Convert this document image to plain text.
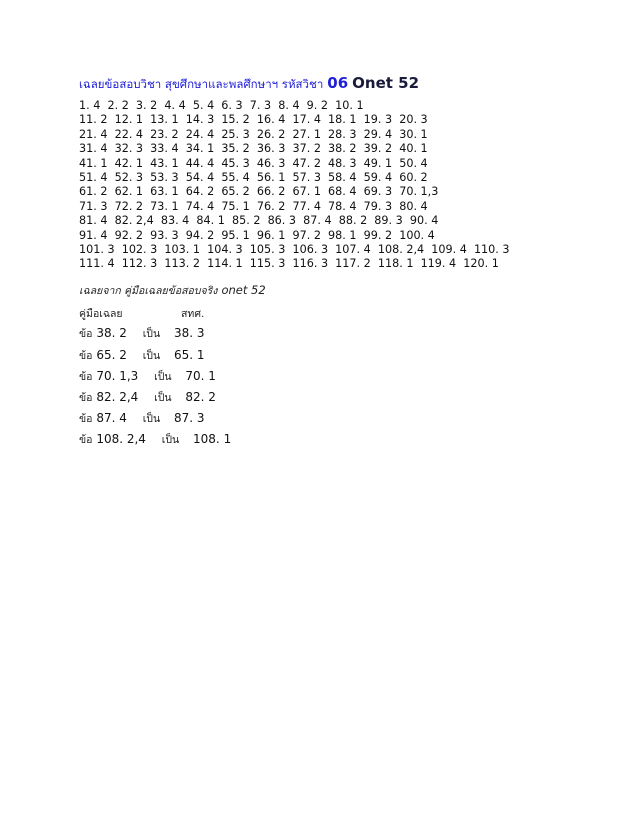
เฉลยข้อสอบวิชา สุขศึกษาและพลศึกษาฯ รหัสวิชา 06 Onet 52
1. 4  2. 2  3. 2  4. 4  5. 4  6. 3  7. 3  8. 4  9. 2  10. 1
11. 2  12. 1  13. 1  14. 3  15. 2  16. 4  17. 4  18. 1  19. 3  20. 3
21. 4  22. 4  23. 2  24. 4  25. 3  26. 2  27. 1  28. 3  29. 4  30. 1
31. 4  32. 3  33. 4  34. 1  35. 2  36. 3  37. 2  38. 2  39. 2  40. 1
41. 1  42. 1  43. 1  44. 4  45. 3  46. 3  47. 2  48. 3  49. 1  50. 4
51. 4  52. 3  53. 3  54. 4  55. 4  56. 1  57. 3  58. 4  59. 4  60. 2
61. 2  62. 1  63. 1  64. 2  65. 2  66. 2  67. 1  68. 4  69. 3  70. 1,3
71. 3  72. 2  73. 1  74. 4  75. 1  76. 2  77. 4  78. 4  79. 3  80. 4
81. 4  82. 2,4  83. 4  84. 1  85. 2  86. 3  87. 4  88. 2  89. 3  90. 4
91. 4  92. 2  93. 3  94. 2  95. 1  96. 1  97. 2  98. 1  99. 2  100. 4
101. 3  102. 3  103. 1  104. 3  105. 3  106. 3  107. 4  108. 2,4  109. 4  110. 3
111. 4  112. 3  113. 2  114. 1  115. 3  116. 3  117. 2  118. 1  119. 4  120. 1
เฉลยจาก คู่มือเฉลยข้อสอบจริง onet 52
คู่มือเฉลย	สทศ.
ข้อ 38. 2 เป็น 38. 3
ข้อ 65. 2 เป็น 65. 1
ข้อ 70. 1,3 เป็น 70. 1
ข้อ 82. 2,4 เป็น 82. 2
ข้อ 87. 4 เป็น 87. 3
ข้อ 108. 2,4 เป็น 108. 1
